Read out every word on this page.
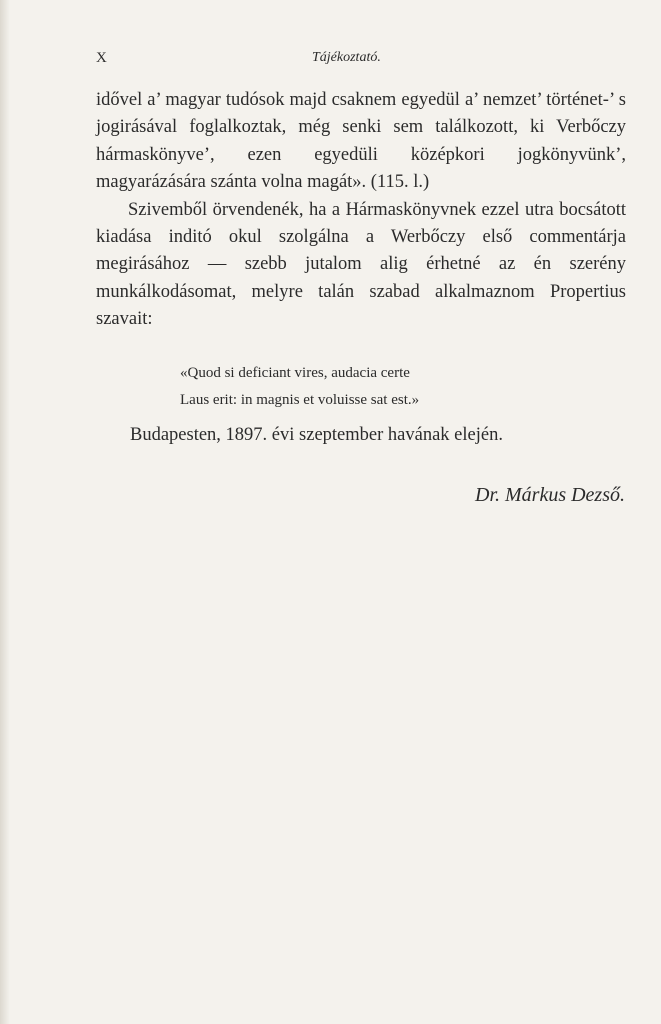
X	Tájékoztató.

idővel a’ magyar tudósok majd csaknem egyedül a’ nemzet’ történet-’ s jogirásával foglalkoztak, még senki sem találkozott, ki Verbőczy hármaskönyve’, ezen egyedüli középkori jogkönyvünk’, magyarázására szánta volna magát». (115. l.)

Szivemből örvendenék, ha a Hármaskönyvnek ezzel utra bocsátott kiadása inditó okul szolgálna a Werbőczy első commentárja megirásához — szebb jutalom alig érhetné az én szerény munkálkodásomat, melyre talán szabad alkalmaznom Propertius szavait:

«Quod si deficiant vires, audacia certe
Laus erit: in magnis et voluisse sat est.»
Budapesten, 1897. évi szeptember havának elején.
Dr. Márkus Dezső.
